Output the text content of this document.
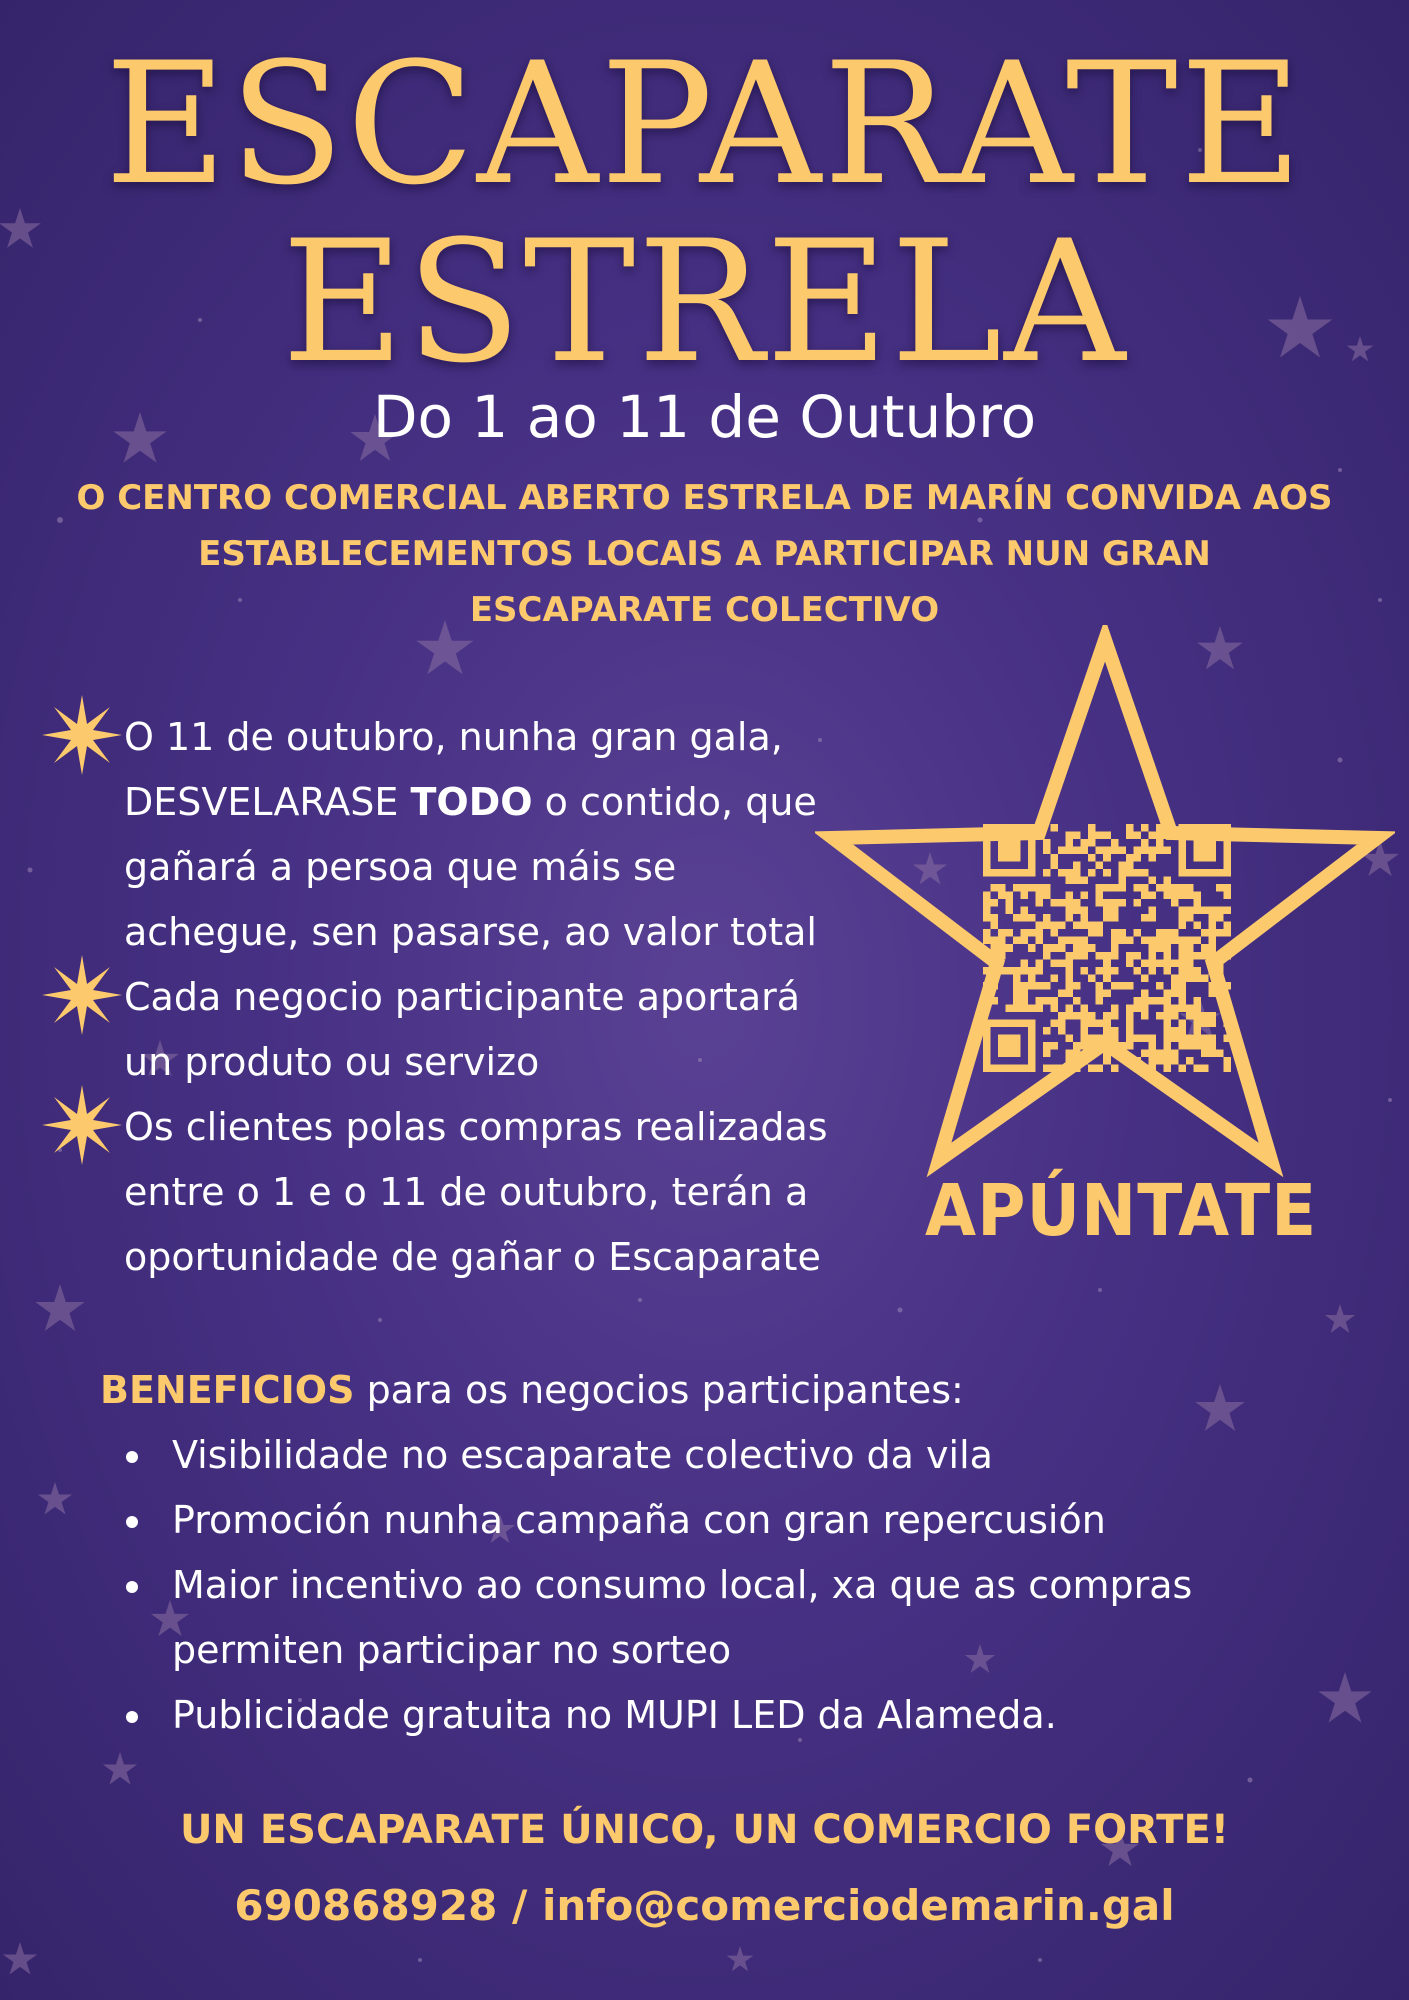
ESCAPARATE
ESTRELA
Do 1 ao 11 de Outubro
O CENTRO COMERCIAL ABERTO ESTRELA DE MARÍN CONVIDA AOS
ESTABLECEMENTOS LOCAIS A PARTICIPAR NUN GRAN
ESCAPARATE COLECTIVO
O 11 de outubro, nunha gran gala,
DESVELARASE TODO o contido, que
gañará a persoa que máis se
achegue, sen pasarse, ao valor total
Cada negocio participante aportará
un produto ou servizo
Os clientes polas compras realizadas
entre o 1 e o 11 de outubro, terán a
oportunidade de gañar o Escaparate
APÚNTATE
BENEFICIOS para os negocios participantes:
Visibilidade no escaparate colectivo da vila
Promoción nunha campaña con gran repercusión
Maior incentivo ao consumo local, xa que as compras
permiten participar no sorteo
Publicidade gratuita no MUPI LED da Alameda.
UN ESCAPARATE ÚNICO, UN COMERCIO FORTE!
690868928 / info@comerciodemarin.gal
